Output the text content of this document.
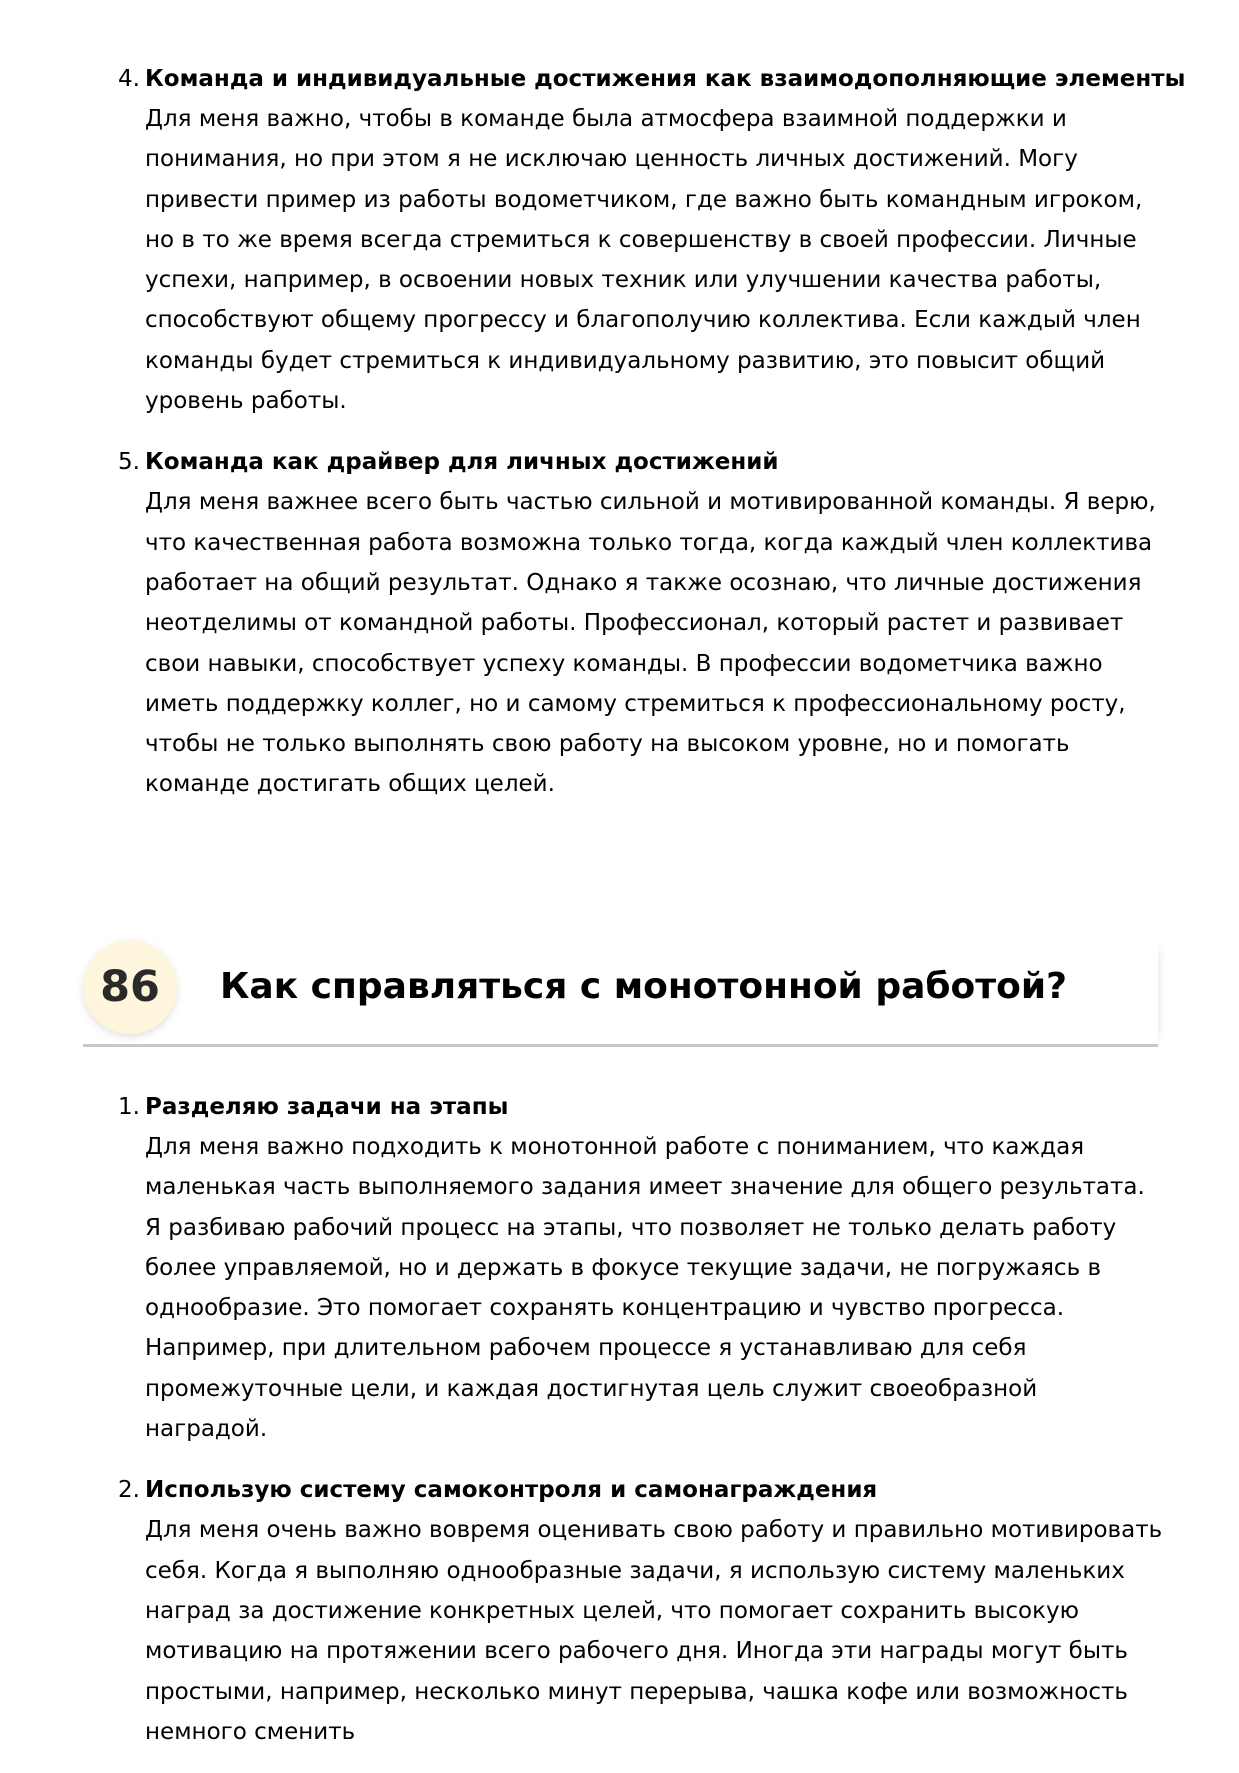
4. Команда и индивидуальные достижения как взаимодополняющие элементы
Для меня важно, чтобы в команде была атмосфера взаимной поддержки и понимания, но при этом я не исключаю ценность личных достижений. Могу привести пример из работы водометчиком, где важно быть командным игроком, но в то же время всегда стремиться к совершенству в своей профессии. Личные успехи, например, в освоении новых техник или улучшении качества работы, способствуют общему прогрессу и благополучию коллектива. Если каждый член команды будет стремиться к индивидуальному развитию, это повысит общий уровень работы.
5. Команда как драйвер для личных достижений
Для меня важнее всего быть частью сильной и мотивированной команды. Я верю, что качественная работа возможна только тогда, когда каждый член коллектива работает на общий результат. Однако я также осознаю, что личные достижения неотделимы от командной работы. Профессионал, который растет и развивает свои навыки, способствует успеху команды. В профессии водометчика важно иметь поддержку коллег, но и самому стремиться к профессиональному росту, чтобы не только выполнять свою работу на высоком уровне, но и помогать команде достигать общих целей.
86	Как справляться с монотонной работой?
1. Разделяю задачи на этапы
Для меня важно подходить к монотонной работе с пониманием, что каждая маленькая часть выполняемого задания имеет значение для общего результата. Я разбиваю рабочий процесс на этапы, что позволяет не только делать работу более управляемой, но и держать в фокусе текущие задачи, не погружаясь в однообразие. Это помогает сохранять концентрацию и чувство прогресса. Например, при длительном рабочем процессе я устанавливаю для себя промежуточные цели, и каждая достигнутая цель служит своеобразной наградой.
2. Использую систему самоконтроля и самонаграждения
Для меня очень важно вовремя оценивать свою работу и правильно мотивировать себя. Когда я выполняю однообразные задачи, я использую систему маленьких наград за достижение конкретных целей, что помогает сохранить высокую мотивацию на протяжении всего рабочего дня. Иногда эти награды могут быть простыми, например, несколько минут перерыва, чашка кофе или возможность немного сменить
